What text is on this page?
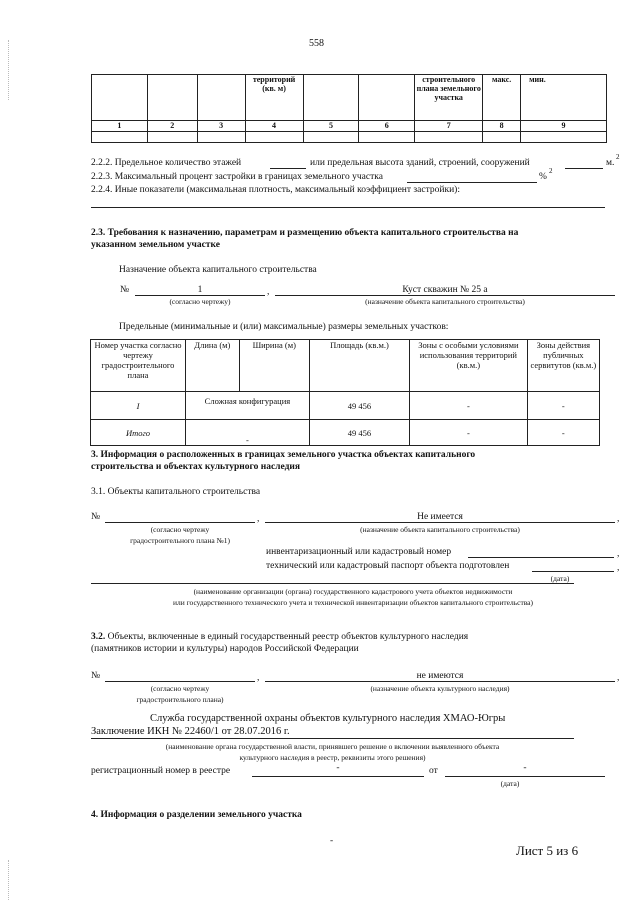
558
			территорий (кв. м)			строительного плана земельного участка	макс.	мин.
1	2	3	4	5	6	7	8	9

2.2.2. Предельное количество этажей	или предельная высота зданий, строений, сооружений	м.
2
2.2.3. Максимальный процент застройки в границах земельного участка	%
2
2.2.4. Иные показатели (максимальная плотность, максимальный коэффициент застройки):
2.3. Требования к назначению, параметрам и размещению объекта капитального строительства на
указанном земельном участке
Назначение объекта капитального строительства
№	1	,	Куст скважин № 25 а
(согласно чертежу)	(назначение объекта капитального строительства)
Предельные (минимальные и (или) максимальные) размеры земельных участков:
Номер участка согласно чертежу градостроительного плана	Длина (м)	Ширина (м)	Площадь (кв.м.)	Зоны с особыми условиями использования территорий (кв.м.)	Зоны действия публичных сервитутов (кв.м.)
I	Сложная конфигурация		49 456	-	-
Итого	-		49 456	-	-
3. Информация о расположенных в границах земельного участка объектах капитального
строительства и объектах культурного наследия
3.1. Объекты капитального строительства
№	,	Не имеется	,
(согласно чертежу
градостроительного плана №1)
(назначение объекта капитального строительства)
инвентаризационный или кадастровый номер	,
технический или кадастровый паспорт объекта подготовлен	,
(дата)
(наименование организации (органа) государственного кадастрового учета объектов недвижимости
или государственного технического учета и технической инвентаризации объектов капитального строительства)
3.2. Объекты, включенные в единый государственный реестр объектов культурного наследия
(памятников истории и культуры) народов Российской Федерации
№	,	не имеются	,
(согласно чертежу
градостроительного плана)
(назначение объекта культурного наследия)
Служба государственной охраны объектов культурного наследия ХМАО-Югры
Заключение ИКН № 22460/1 от 28.07.2016 г.
(наименование органа государственной власти, принявшего решение о включении выявленного объекта
культурного наследия в реестр, реквизиты этого решения)
регистрационный номер в реестре	-	от	-
(дата)
4. Информация о разделении земельного участка
-
Лист 5 из 6
